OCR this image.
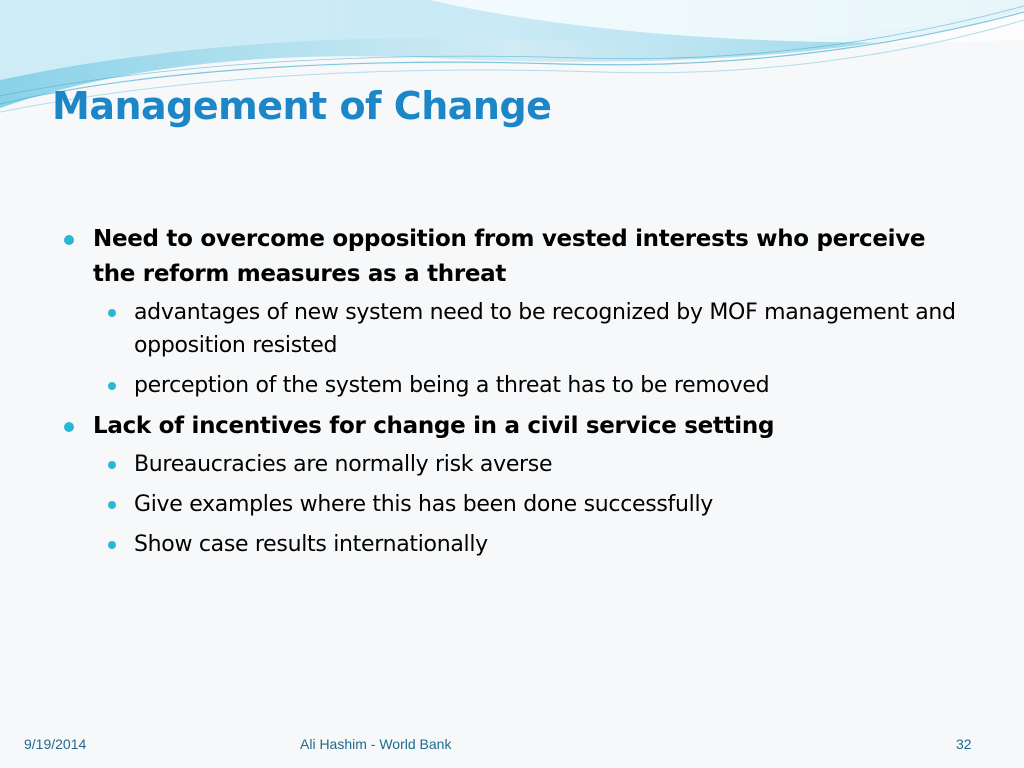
Management of Change
Need to overcome opposition from vested interests who perceive the reform measures as a threat
advantages of new system need to be recognized by MOF management and opposition resisted
perception of the system being a threat has to be removed
Lack of incentives for change in a civil service setting
Bureaucracies are normally risk averse
Give examples where this has been done successfully
Show case results internationally
9/19/2014	Ali Hashim - World Bank	32
